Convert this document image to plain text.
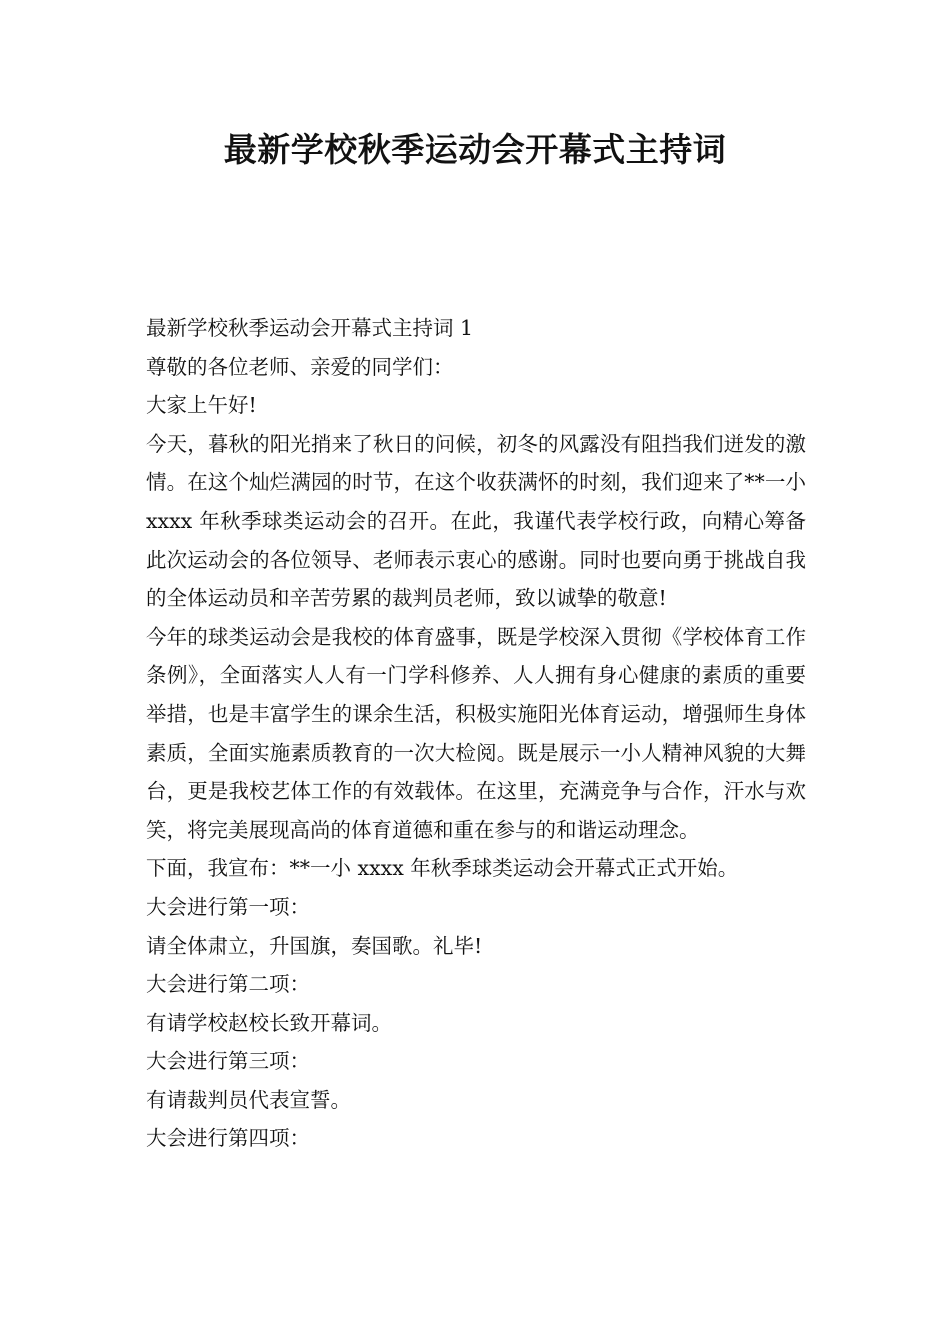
最新学校秋季运动会开幕式主持词

最新学校秋季运动会开幕式主持词 1

尊敬的各位老师、亲爱的同学们：

大家上午好!

今天，暮秋的阳光捎来了秋日的问候，初冬的风露没有阻挡我们迸发的激情。在这个灿烂满园的时节，在这个收获满怀的时刻，我们迎来了**一小 xxxx 年秋季球类运动会的召开。在此，我谨代表学校行政，向精心筹备此次运动会的各位领导、老师表示衷心的感谢。同时也要向勇于挑战自我的全体运动员和辛苦劳累的裁判员老师，致以诚挚的敬意!

今年的球类运动会是我校的体育盛事，既是学校深入贯彻《学校体育工作条例》，全面落实人人有一门学科修养、人人拥有身心健康的素质的重要举措，也是丰富学生的课余生活，积极实施阳光体育运动，增强师生身体素质，全面实施素质教育的一次大检阅。既是展示一小人精神风貌的大舞台，更是我校艺体工作的有效载体。在这里，充满竞争与合作，汗水与欢笑，将完美展现高尚的体育道德和重在参与的和谐运动理念。

下面，我宣布：**一小 xxxx 年秋季球类运动会开幕式正式开始。

大会进行第一项：

请全体肃立，升国旗，奏国歌。礼毕!

大会进行第二项：

有请学校赵校长致开幕词。

大会进行第三项：

有请裁判员代表宣誓。

大会进行第四项：
